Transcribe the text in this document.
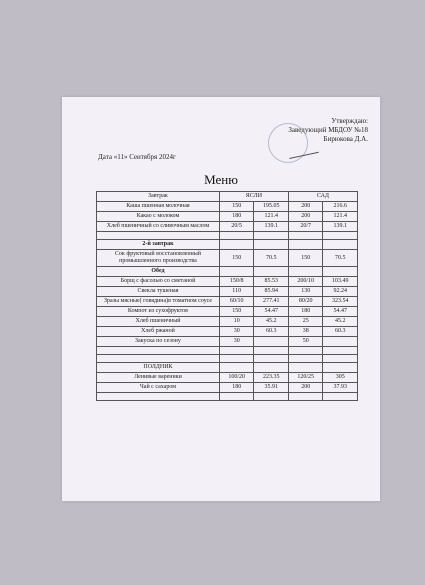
Утверждаю:
Заведующий МБДОУ №18
Бирюкова Д.А.
Дата «11» Сентября 2024г
Меню
Завтрак	ЯСЛИ		САД	
Каша пшенная молочная	150	195.05	200	216.6
Какао с молоком	180	121.4	200	121.4
Хлеб пшеничный со сливочным маслом	20/5	139.1	20/7	139.1

2-й завтрак				
Сок фруктовый восстановленный промышленного производства	150	70.5	150	70.5
Обед				
Борщ с фасолью со сметаной	150/8	85.53	200/10	103.49
Свекла тушеная	110	85.94	130	92.24
Зразы мясные( говядина)в томатном соусе	60/10	277.41	80/20	323.54
Компот из сухофруктов	150	54.47	180	54.47
Хлеб пшеничный	10	45.2	25	45.2
Хлеб ржаной	30	60.3	38	60.3
Закуска по сезону	30		50	

ПОЛДНИК				
Ленивые вареники	100/20	223.35	120/25	305
Чай с сахаром	180	35.91	200	37.93
